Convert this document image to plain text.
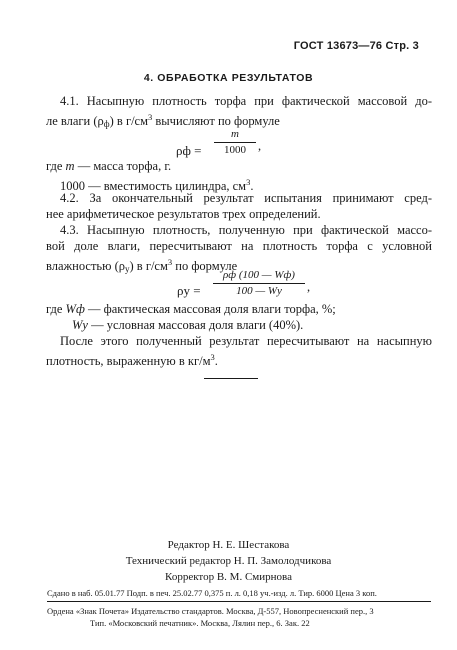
ГОСТ 13673—76 Стр. 3
4. ОБРАБОТКА РЕЗУЛЬТАТОВ
4.1. Насыпную плотность торфа при фактической массовой до-
ле влаги $(\rho_ф)$ в $г/см^3$ вычисляют по формуле
ρф =
m
1000 ,
где m — масса торфа, г.
1000 — вместимость цилиндра, $см^3$.
4.2. За окончательный результат испытания принимают сред-
нее арифметическое результатов трех определений.
4.3. Насыпную плотность, полученную при фактической массо-
вой доле влаги, пересчитывают на плотность торфа с условной
влажностью $(\rho_у)$ в $г/см^3$ по формуле
ρу =
ρф (100 — Wф)
100 — Wу	,
где Wф — фактическая массовая доля влаги торфа, %;
Wу — условная массовая доля влаги (40%).
После этого полученный результат пересчитывают на насыпную
плотность, выраженную в $кг/м^3$.
Редактор Н. Е. Шестакова
Технический редактор Н. П. Замолодчикова
Корректор В. М. Смирнова
Сдано в наб. 05.01.77 Подп. в печ. 25.02.77 0,375 п. л. 0,18 уч.-изд. л. Тир. 6000 Цена 3 коп.
Ордена «Знак Почета» Издательство стандартов. Москва, Д-557, Новопресненский пер., 3
Тип. «Московский печатник». Москва, Лялин пер., 6. Зак. 22
